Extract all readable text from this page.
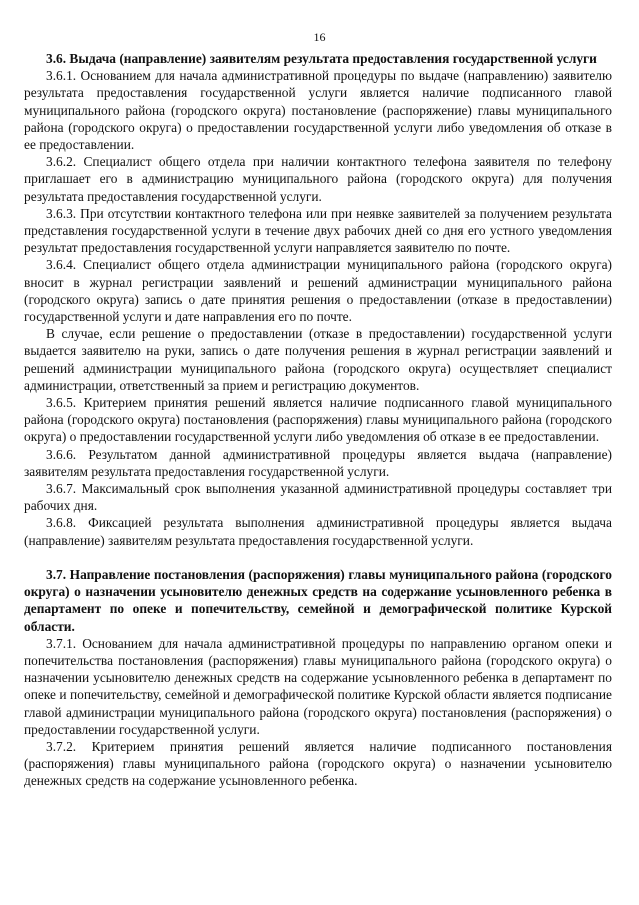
16

3.6. Выдача (направление) заявителям результата предоставления государственной услуги

3.6.1. Основанием для начала административной процедуры по выдаче (направлению) заявителю результата предоставления государственной услуги является наличие подписанного главой муниципального района (городского округа) постановление (распоряжение) главы муниципального района (городского округа) о предоставлении государственной услуги либо уведомления об отказе в ее предоставлении.

3.6.2. Специалист общего отдела при наличии контактного телефона заявителя по телефону приглашает его в администрацию муниципального района (городского округа) для получения результата предоставления государственной услуги.

3.6.3. При отсутствии контактного телефона или при неявке заявителей за получением результата представления государственной услуги в течение двух рабочих дней со дня его устного уведомления результат предоставления государственной услуги направляется заявителю по почте.

3.6.4. Специалист общего отдела администрации муниципального района (городского округа) вносит в журнал регистрации заявлений и решений администрации муниципального района (городского округа) запись о дате принятия решения о предоставлении (отказе в предоставлении) государственной услуги и дате направления его по почте.

В случае, если решение о предоставлении (отказе в предоставлении) государственной услуги выдается заявителю на руки, запись о дате получения решения в журнал регистрации заявлений и решений администрации муниципального района (городского округа) осуществляет специалист администрации, ответственный за прием и регистрацию документов.

3.6.5. Критерием принятия решений является наличие подписанного главой муниципального района (городского округа) постановления (распоряжения) главы муниципального района (городского округа) о предоставлении государственной услуги либо уведомления об отказе в ее предоставлении.

3.6.6. Результатом данной административной процедуры является выдача (направление) заявителям результата предоставления государственной услуги.

3.6.7. Максимальный срок выполнения указанной административной процедуры составляет три рабочих дня.

3.6.8. Фиксацией результата выполнения административной процедуры является выдача (направление) заявителям результата предоставления государственной услуги.

3.7. Направление постановления (распоряжения) главы муниципального района (городского округа) о назначении усыновителю денежных средств на содержание усыновленного ребенка в департамент по опеке и попечительству, семейной и демографической политике Курской области.

3.7.1. Основанием для начала административной процедуры по направлению органом опеки и попечительства постановления (распоряжения) главы муниципального района (городского округа) о назначении усыновителю денежных средств на содержание усыновленного ребенка в департамент по опеке и попечительству, семейной и демографической политике Курской области является подписание главой администрации муниципального района (городского округа) постановления (распоряжения) о предоставлении государственной услуги.

3.7.2. Критерием принятия решений является наличие подписанного постановления (распоряжения) главы муниципального района (городского округа) о назначении усыновителю денежных средств на содержание усыновленного ребенка.
